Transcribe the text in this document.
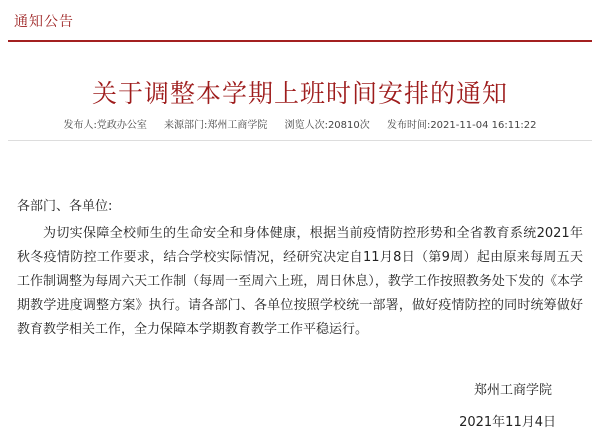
通知公告
关于调整本学期上班时间安排的通知
发布人:党政办公室 来源部门:郑州工商学院 浏览人次:20810次 发布时间:2021-11-04 16:11:22
各部门、各单位:

为切实保障全校师生的生命安全和身体健康，根据当前疫情防控形势和全省教育系统2021年秋冬疫情防控工作要求，结合学校实际情况，经研究决定自11月8日（第9周）起由原来每周五天工作制调整为每周六天工作制（每周一至周六上班，周日休息），教学工作按照教务处下发的《本学期教学进度调整方案》执行。请各部门、各单位按照学校统一部署，做好疫情防控的同时统筹做好教育教学相关工作，全力保障本学期教育教学工作平稳运行。

郑州工商学院
2021年11月4日
